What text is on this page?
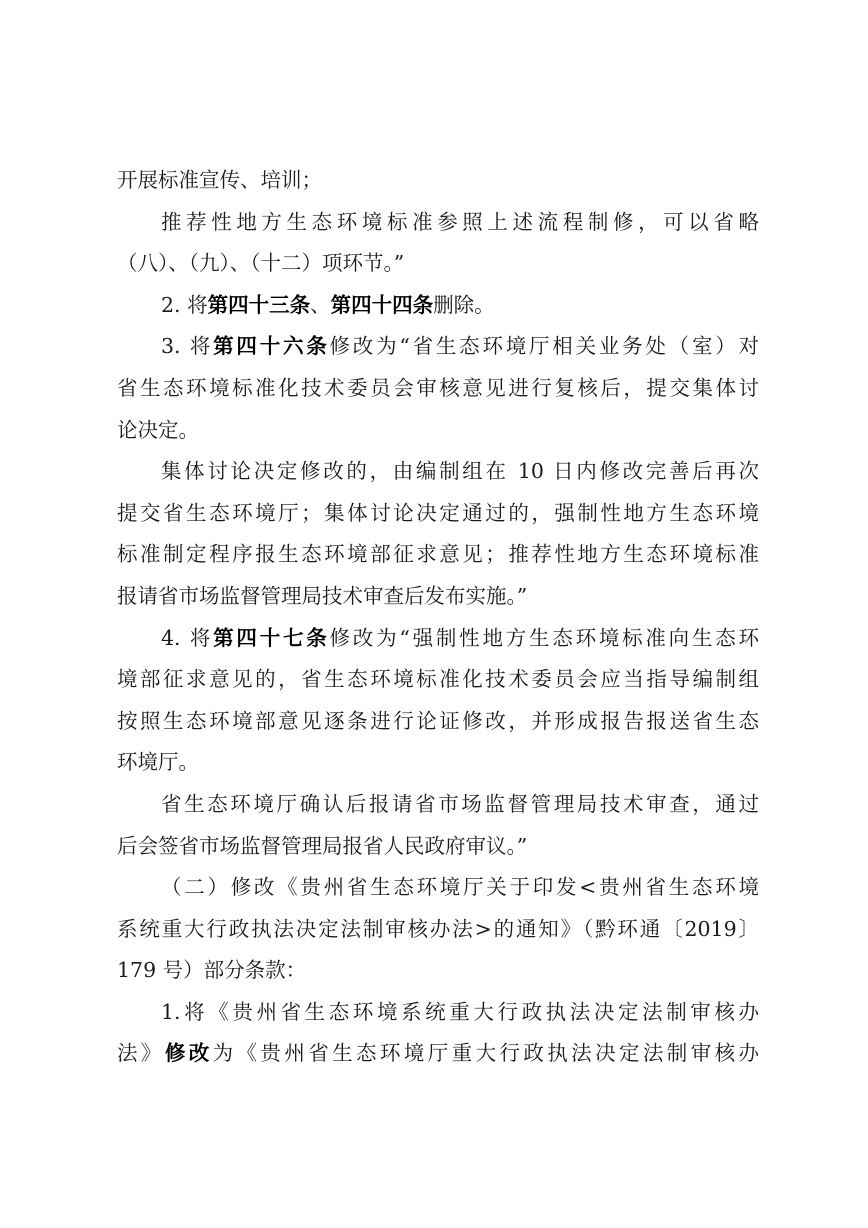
开展标准宣传、培训；
推荐性地方生态环境标准参照上述流程制修，可以省略
（八）、（九）、（十二）项环节。”
2. 将第四十三条、第四十四条删除。
3. 将第四十六条修改为“省生态环境厅相关业务处（室）对
省生态环境标准化技术委员会审核意见进行复核后，提交集体讨
论决定。
集体讨论决定修改的，由编制组在 10 日内修改完善后再次
提交省生态环境厅；集体讨论决定通过的，强制性地方生态环境
标准制定程序报生态环境部征求意见；推荐性地方生态环境标准
报请省市场监督管理局技术审查后发布实施。”
4. 将第四十七条修改为“强制性地方生态环境标准向生态环
境部征求意见的，省生态环境标准化技术委员会应当指导编制组
按照生态环境部意见逐条进行论证修改，并形成报告报送省生态
环境厅。
省生态环境厅确认后报请省市场监督管理局技术审查，通过
后会签省市场监督管理局报省人民政府审议。”
（二）修改《贵州省生态环境厅关于印发<贵州省生态环境
系统重大行政执法决定法制审核办法>的通知》（黔环通〔2019〕
179 号）部分条款：
1.将《贵州省生态环境系统重大行政执法决定法制审核办
法》修改为《贵州省生态环境厅重大行政执法决定法制审核办
